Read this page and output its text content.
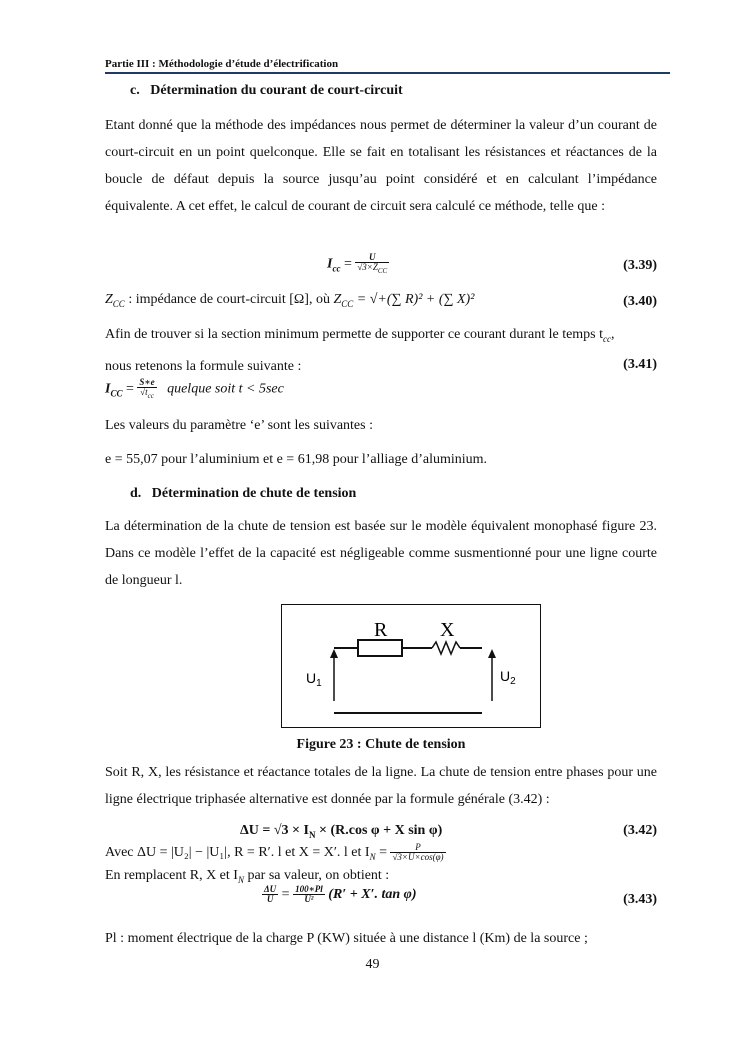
Partie III : Méthodologie d’étude d’électrification
c. Détermination du courant de court-circuit
Etant donné que la méthode des impédances nous permet de déterminer la valeur d’un courant de court-circuit en un point quelconque. Elle se fait en totalisant les résistances et réactances de la boucle de défaut depuis la source jusqu’au point considéré et en calculant l’impédance équivalente. A cet effet, le calcul de courant de circuit sera calculé ce méthode, telle que :
$I_{cc} = \frac{U}{√3\times Z_{CC}}$	(3.39)
$Z_{CC}$ : impédance de court-circuit [Ω], où $Z_{CC}$ = √+(∑ R)² + (∑ X)²	(3.40)
Afin de trouver si la section minimum permette de supporter ce courant durant le temps $t_{cc}$,
nous retenons la formule suivante :
$I_{CC} = \frac{S∗e}{√t_{cc}}$ quelque soit t < 5sec
(3.41)
Les valeurs du paramètre ‘e’ sont les suivantes :
e = 55,07 pour l’aluminium et e = 61,98 pour l’alliage d’aluminium.
d. Détermination de chute de tension
La détermination de la chute de tension est basée sur le modèle équivalent monophasé figure 23. Dans ce modèle l’effet de la capacité est négligeable comme susmentionné pour une ligne courte de longueur l.
R	X
$U_1$	$U_2$
Figure 23 : Chute de tension
Soit R, X, les résistance et réactance totales de la ligne. La chute de tension entre phases pour une ligne électrique triphasée alternative est donnée par la formule générale (3.42) :
$\Delta U = √3 \times I_N \times (R.\cos$ φ + X sin φ)	(3.42)
Avec ΔU = |U₂| − |U₁|, R = R′. l et X = X′. l et $I_N = \frac{P}{√3\times U\times\cos(\varphi)}$
En remplacent R, X et $I_N$ par sa valeur, on obtient :
$\frac{\Delta U}{U} = \frac{100∗Pl}{\text{U²}} (R' + X'$. tan φ)	(3.43)
Pl : moment électrique de la charge P (KW) située à une distance l (Km) de la source ;
49
